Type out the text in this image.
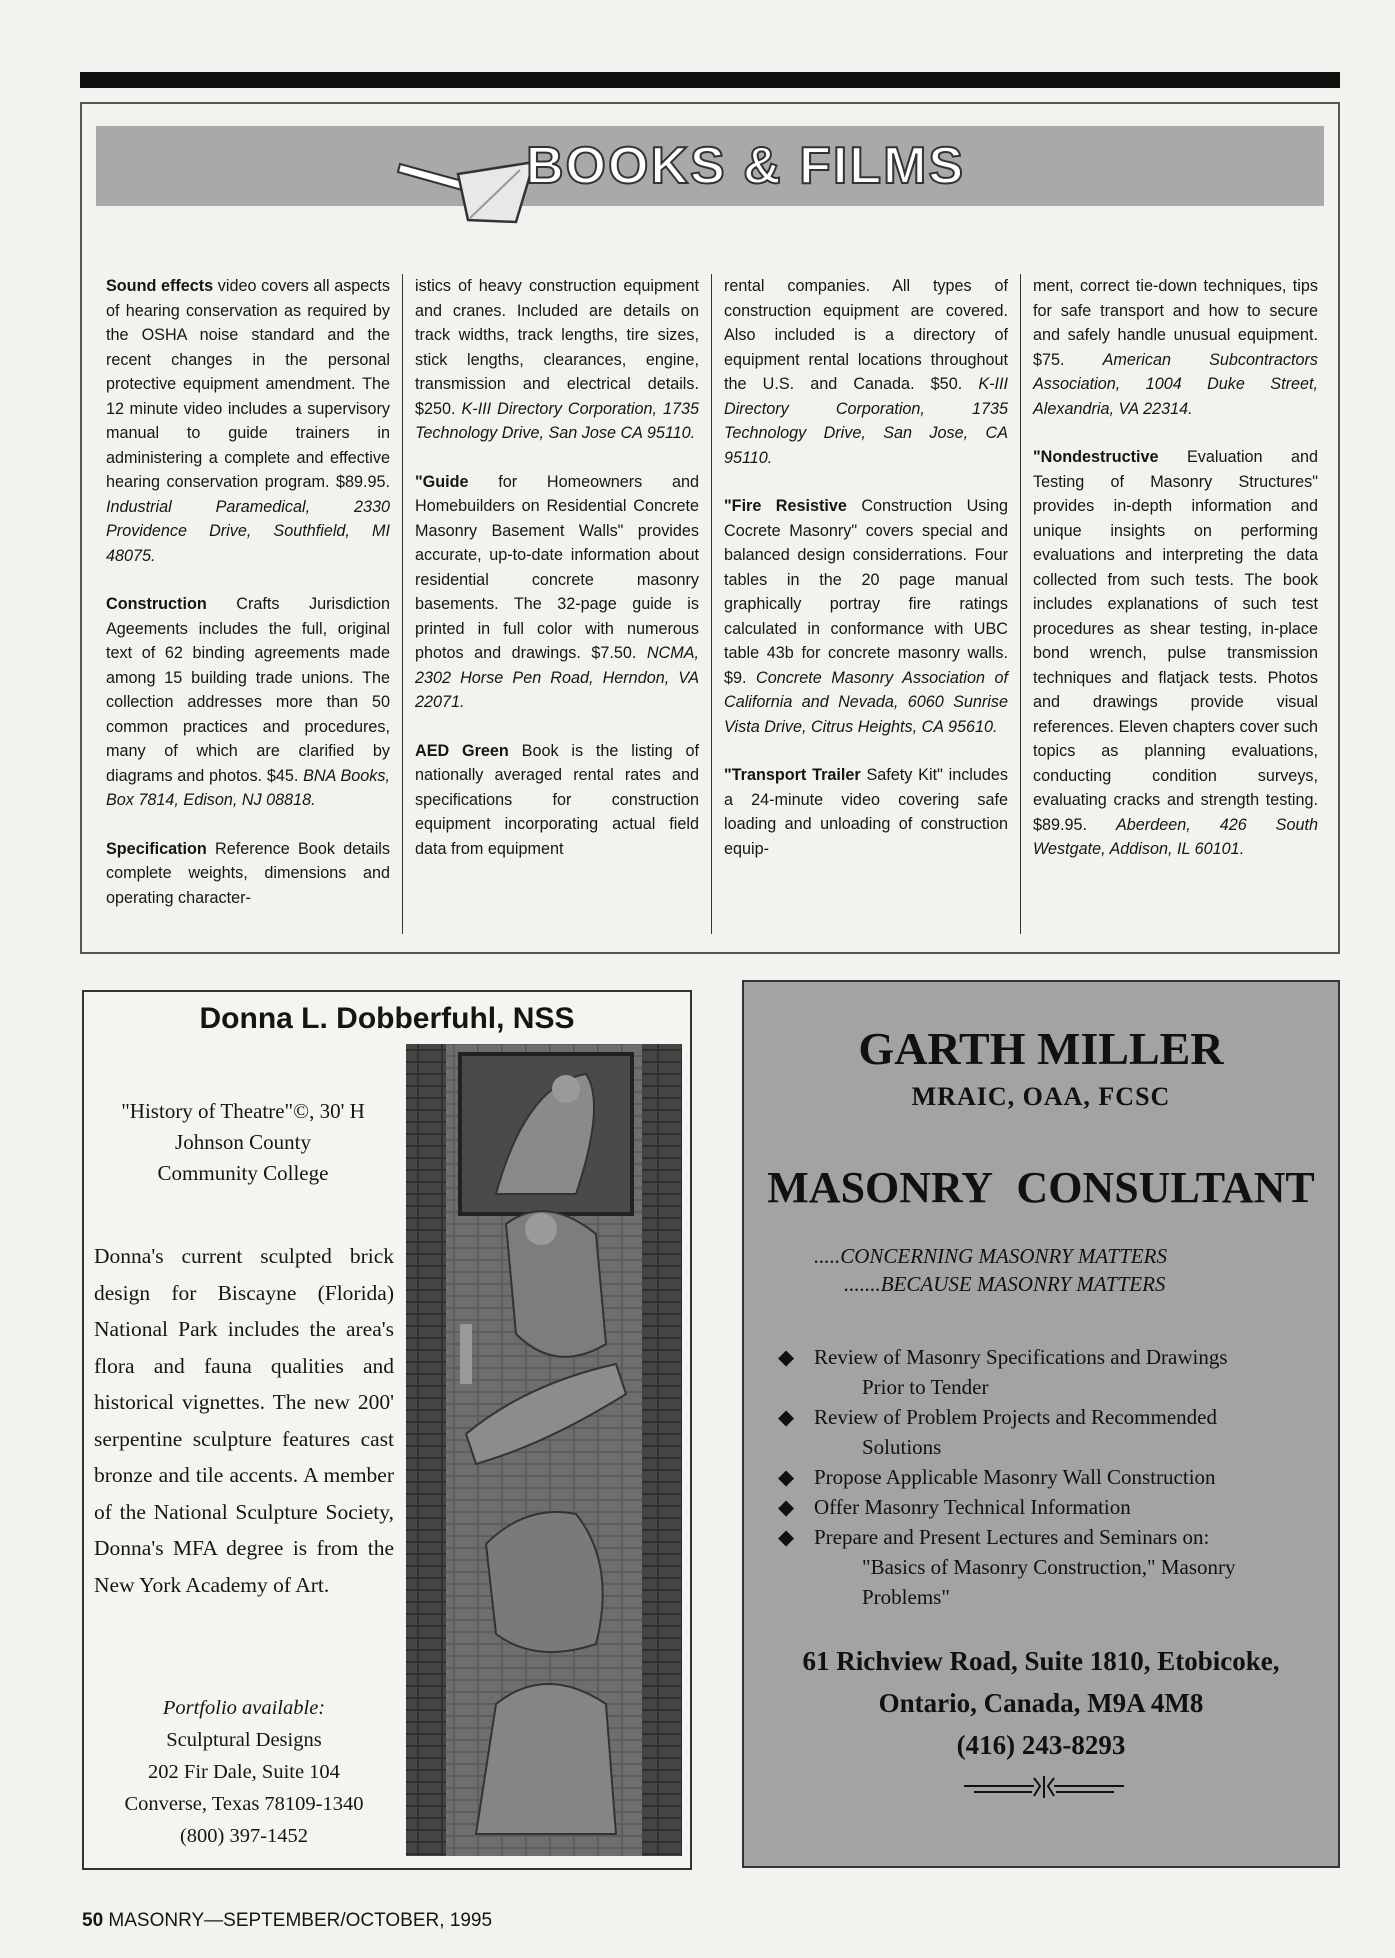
BOOKS & FILMS

Sound effects video covers all aspects of hearing conservation as required by the OSHA noise standard and the recent changes in the personal protective equipment amendment. The 12 minute video includes a supervisory manual to guide trainers in administering a complete and effective hearing conservation program. $89.95. Industrial Paramedical, 2330 Providence Drive, Southfield, MI 48075.

Construction Crafts Jurisdiction Ageements includes the full, original text of 62 binding agreements made among 15 building trade unions. The collection addresses more than 50 common practices and procedures, many of which are clarified by diagrams and photos. $45. BNA Books, Box 7814, Edison, NJ 08818.

Specification Reference Book details complete weights, dimensions and operating character-

istics of heavy construction equipment and cranes. Included are details on track widths, track lengths, tire sizes, stick lengths, clearances, engine, transmission and electrical details. $250. K-III Directory Corporation, 1735 Technology Drive, San Jose CA 95110.

"Guide for Homeowners and Homebuilders on Residential Concrete Masonry Basement Walls" provides accurate, up-to-date information about residential concrete masonry basements. The 32-page guide is printed in full color with numerous photos and drawings. $7.50. NCMA, 2302 Horse Pen Road, Herndon, VA 22071.

AED Green Book is the listing of nationally averaged rental rates and specifications for construction equipment incorporating actual field data from equipment

rental companies. All types of construction equipment are covered. Also included is a directory of equipment rental locations throughout the U.S. and Canada. $50. K-III Directory Corporation, 1735 Technology Drive, San Jose, CA 95110.

"Fire Resistive Construction Using Cocrete Masonry" covers special and balanced design considerrations. Four tables in the 20 page manual graphically portray fire ratings calculated in conformance with UBC table 43b for concrete masonry walls. $9. Concrete Masonry Association of California and Nevada, 6060 Sunrise Vista Drive, Citrus Heights, CA 95610.

"Transport Trailer Safety Kit" includes a 24-minute video covering safe loading and unloading of construction equip-

ment, correct tie-down techniques, tips for safe transport and how to secure and safely handle unusual equipment. $75. American Subcontractors Association, 1004 Duke Street, Alexandria, VA 22314.

"Nondestructive Evaluation and Testing of Masonry Structures" provides in-depth information and unique insights on performing evaluations and interpreting the data collected from such tests. The book includes explanations of such test procedures as shear testing, in-place bond wrench, pulse transmission techniques and flatjack tests. Photos and drawings provide visual references. Eleven chapters cover such topics as planning evaluations, conducting condition surveys, evaluating cracks and strength testing. $89.95. Aberdeen, 426 South Westgate, Addison, IL 60101.

Donna L. Dobberfuhl, NSS
"History of Theatre"©, 30' H
Johnson County
Community College
Donna's current sculpted brick design for Biscayne (Florida) National Park includes the area's flora and fauna qualities and historical vignettes. The new 200' serpentine sculpture features cast bronze and tile accents. A member of the National Sculpture Society, Donna's MFA degree is from the New York Academy of Art.
Portfolio available:
Sculptural Designs
202 Fir Dale, Suite 104
Converse, Texas 78109-1340
(800) 397-1452
GARTH MILLER
MRAIC, OAA, FCSC
MASONRY CONSULTANT
.....CONCERNING MASONRY MATTERS
.......BECAUSE MASONRY MATTERS
◆ Review of Masonry Specifications and Drawings
Prior to Tender
◆ Review of Problem Projects and Recommended
Solutions
◆ Propose Applicable Masonry Wall Construction
◆ Offer Masonry Technical Information
◆ Prepare and Present Lectures and Seminars on:
"Basics of Masonry Construction," Masonry Problems"
61 Richview Road, Suite 1810, Etobicoke,
Ontario, Canada, M9A 4M8
(416) 243-8293
50 MASONRY—SEPTEMBER/OCTOBER, 1995
